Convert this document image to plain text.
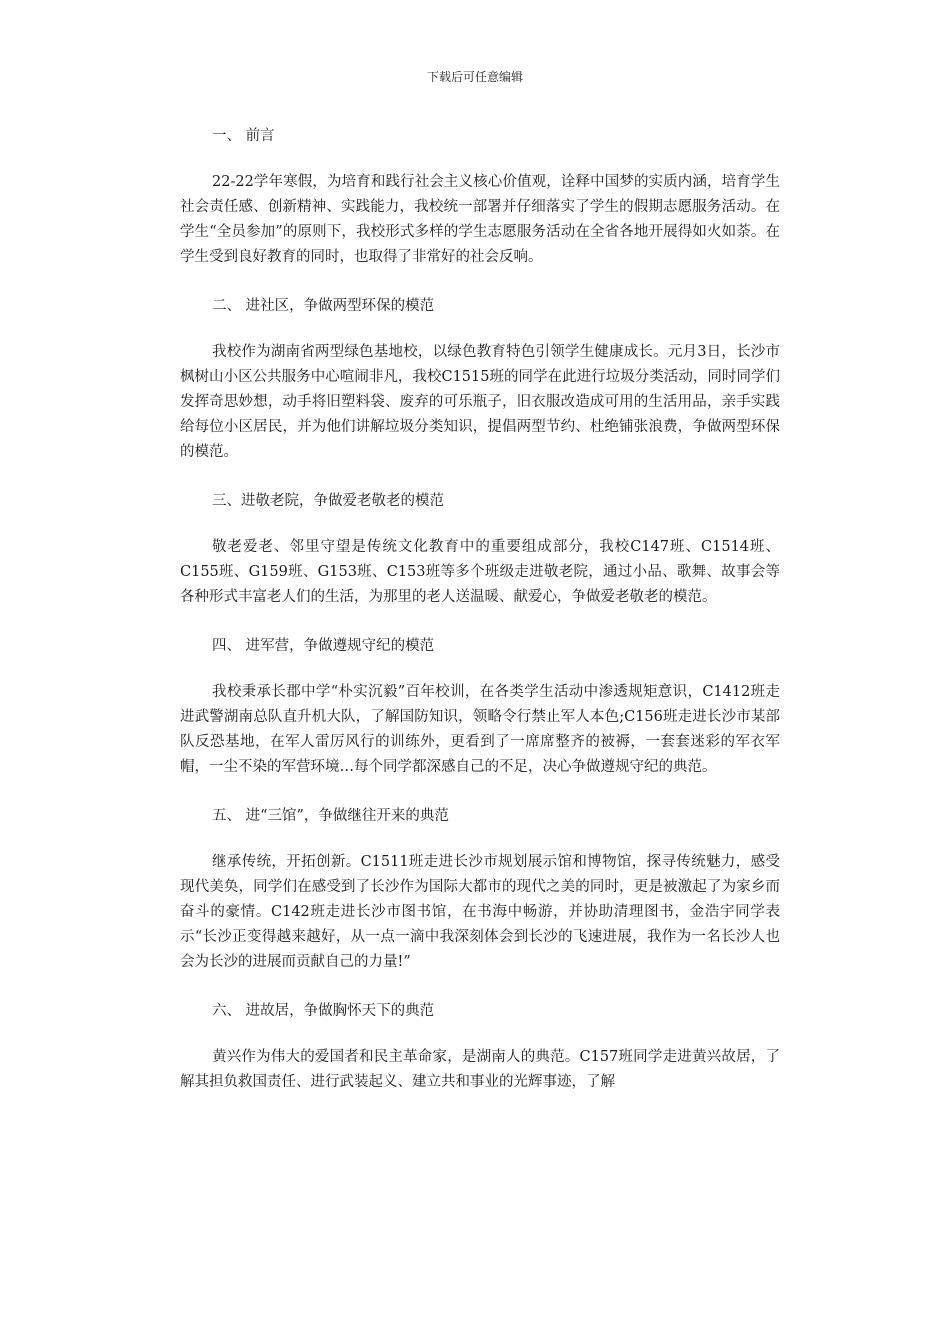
下载后可任意编辑

一、 前言

22-22学年寒假，为培育和践行社会主义核心价值观，诠释中国梦的实质内涵，培育学生社会责任感、创新精神、实践能力，我校统一部署并仔细落实了学生的假期志愿服务活动。在学生“全员参加”的原则下，我校形式多样的学生志愿服务活动在全省各地开展得如火如荼。在学生受到良好教育的同时，也取得了非常好的社会反响。

二、 进社区，争做两型环保的模范

我校作为湖南省两型绿色基地校，以绿色教育特色引领学生健康成长。元月3日，长沙市枫树山小区公共服务中心喧闹非凡，我校C1515班的同学在此进行垃圾分类活动，同时同学们发挥奇思妙想，动手将旧塑料袋、废弃的可乐瓶子，旧衣服改造成可用的生活用品，亲手实践给每位小区居民，并为他们讲解垃圾分类知识，提倡两型节约、杜绝铺张浪费，争做两型环保的模范。

三、进敬老院，争做爱老敬老的模范

敬老爱老、邻里守望是传统文化教育中的重要组成部分，我校C147班、C1514班、C155班、G159班、G153班、C153班等多个班级走进敬老院，通过小品、歌舞、故事会等各种形式丰富老人们的生活，为那里的老人送温暖、献爱心，争做爱老敬老的模范。

四、 进军营，争做遵规守纪的模范

我校秉承长郡中学“朴实沉毅”百年校训，在各类学生活动中渗透规矩意识，C1412班走进武警湖南总队直升机大队，了解国防知识，领略令行禁止军人本色;C156班走进长沙市某部队反恐基地，在军人雷厉风行的训练外，更看到了一席席整齐的被褥，一套套迷彩的军衣军帽，一尘不染的军营环境…每个同学都深感自己的不足，决心争做遵规守纪的典范。

五、 进“三馆”，争做继往开来的典范

继承传统，开拓创新。C1511班走进长沙市规划展示馆和博物馆，探寻传统魅力，感受现代美奂，同学们在感受到了长沙作为国际大都市的现代之美的同时，更是被激起了为家乡而奋斗的豪情。C142班走进长沙市图书馆，在书海中畅游，并协助清理图书，金浩宇同学表示“长沙正变得越来越好，从一点一滴中我深刻体会到长沙的飞速进展，我作为一名长沙人也会为长沙的进展而贡献自己的力量!”

六、 进故居，争做胸怀天下的典范

黄兴作为伟大的爱国者和民主革命家，是湖南人的典范。C157班同学走进黄兴故居，了解其担负救国责任、进行武装起义、建立共和事业的光辉事迹，了解
